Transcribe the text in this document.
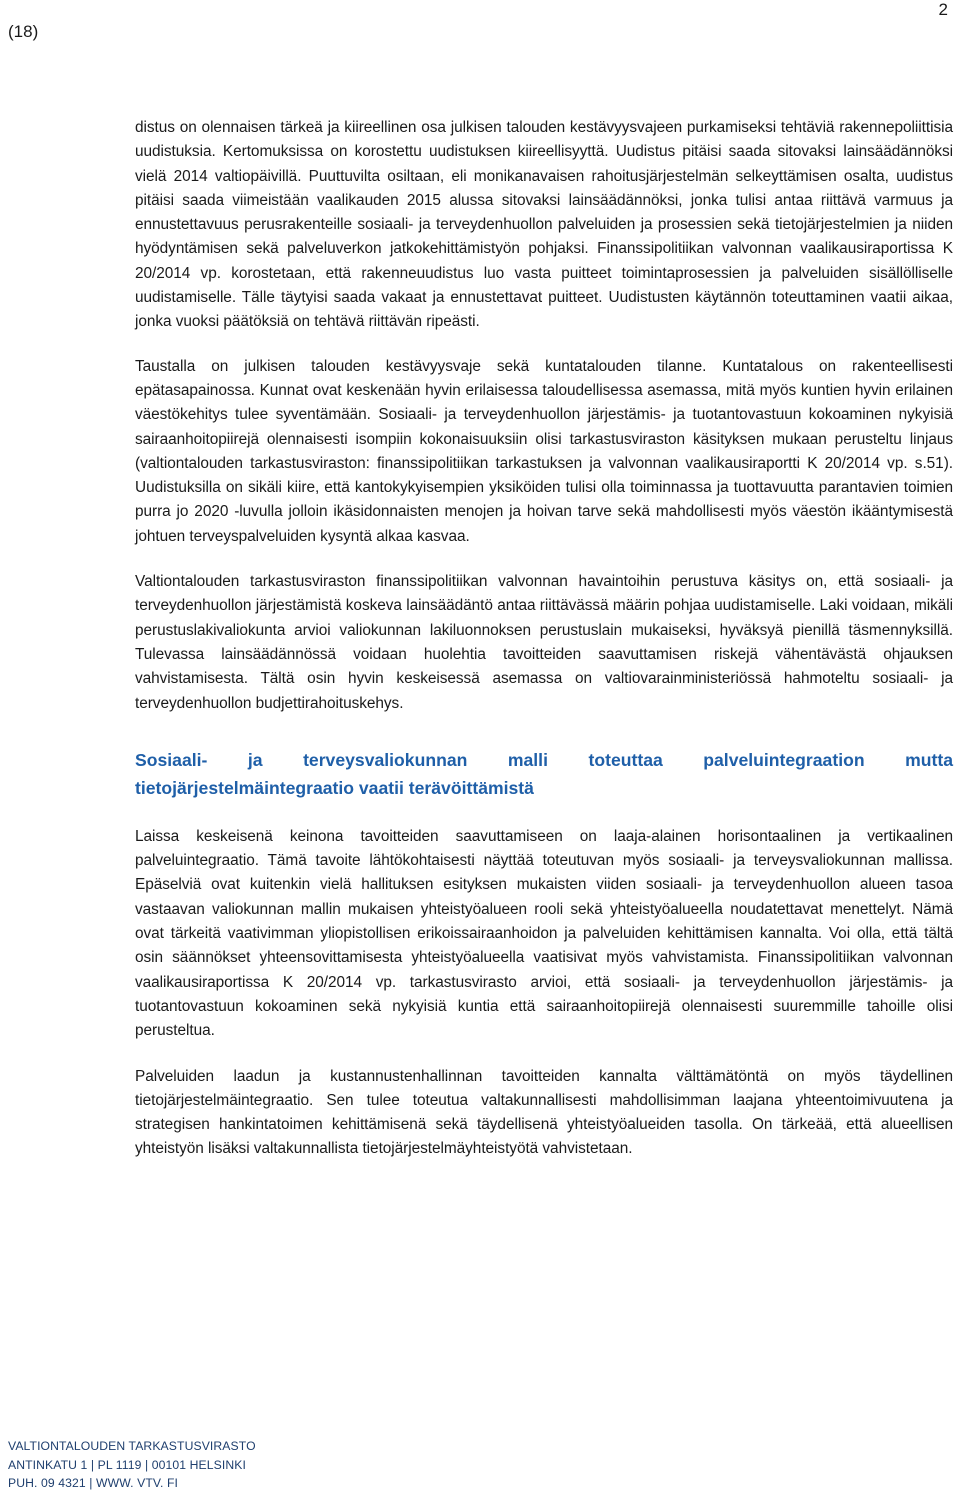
(18)
2

distus on olennaisen tärkeä ja kiireellinen osa julkisen talouden kestävyysvajeen purkamiseksi tehtäviä rakennepoliittisia uudistuksia. Kertomuksissa on korostettu uudistuksen kiireellisyyttä. Uudistus pitäisi saada sitovaksi lainsäädännöksi vielä 2014 valtiopäivillä. Puuttuvilta osiltaan, eli monikanavaisen rahoitusjärjestelmän selkeyttämisen osalta, uudistus pitäisi saada viimeistään vaalikauden 2015 alussa sitovaksi lainsäädännöksi, jonka tulisi antaa riittävä varmuus ja ennustettavuus perusrakenteille sosiaali- ja terveydenhuollon palveluiden ja prosessien sekä tietojärjestelmien ja niiden hyödyntämisen sekä palveluverkon jatkokehittämistyön pohjaksi. Finanssipolitiikan valvonnan vaalikausiraportissa K 20/2014 vp. korostetaan, että rakenneuudistus luo vasta puitteet toimintaprosessien ja palveluiden sisällölliselle uudistamiselle. Tälle täytyisi saada vakaat ja ennustettavat puitteet. Uudistusten käytännön toteuttaminen vaatii aikaa, jonka vuoksi päätöksiä on tehtävä riittävän ripeästi.

Taustalla on julkisen talouden kestävyysvaje sekä kuntatalouden tilanne. Kuntatalous on rakenteellisesti epätasapainossa. Kunnat ovat keskenään hyvin erilaisessa taloudellisessa asemassa, mitä myös kuntien hyvin erilainen väestökehitys tulee syventämään. Sosiaali- ja terveydenhuollon järjestämis- ja tuotantovastuun kokoaminen nykyisiä sairaanhoitopiirejä olennaisesti isompiin kokonaisuuksiin olisi tarkastusviraston käsityksen mukaan perusteltu linjaus (valtiontalouden tarkastusviraston: finanssipolitiikan tarkastuksen ja valvonnan vaalikausiraportti K 20/2014 vp. s.51). Uudistuksilla on sikäli kiire, että kantokykyisempien yksiköiden tulisi olla toiminnassa ja tuottavuutta parantavien toimien purra jo 2020 -luvulla jolloin ikäsidonnaisten menojen ja hoivan tarve sekä mahdollisesti myös väestön ikääntymisestä johtuen terveyspalveluiden kysyntä alkaa kasvaa.

Valtiontalouden tarkastusviraston finanssipolitiikan valvonnan havaintoihin perustuva käsitys on, että sosiaali- ja terveydenhuollon järjestämistä koskeva lainsäädäntö antaa riittävässä määrin pohjaa uudistamiselle. Laki voidaan, mikäli perustuslakivaliokunta arvioi valiokunnan lakiluonnoksen perustuslain mukaiseksi, hyväksyä pienillä täsmennyksillä. Tulevassa lainsäädännössä voidaan huolehtia tavoitteiden saavuttamisen riskejä vähentävästä ohjauksen vahvistamisesta. Tältä osin hyvin keskeisessä asemassa on valtiovarainministeriössä hahmoteltu sosiaali- ja terveydenhuollon budjettirahoituskehys.

Sosiaali- ja terveysvaliokunnan malli toteuttaa palveluintegraation mutta tietojärjestelmäintegraatio vaatii terävöittämistä

Laissa keskeisenä keinona tavoitteiden saavuttamiseen on laaja-alainen horisontaalinen ja vertikaalinen palveluintegraatio. Tämä tavoite lähtökohtaisesti näyttää toteutuvan myös sosiaali- ja terveysvaliokunnan mallissa. Epäselviä ovat kuitenkin vielä hallituksen esityksen mukaisten viiden sosiaali- ja terveydenhuollon alueen tasoa vastaavan valiokunnan mallin mukaisen yhteistyöalueen rooli sekä yhteistyöalueella noudatettavat menettelyt. Nämä ovat tärkeitä vaativimman yliopistollisen erikoissairaanhoidon ja palveluiden kehittämisen kannalta. Voi olla, että tältä osin säännökset yhteensovittamisesta yhteistyöalueella vaatisivat myös vahvistamista. Finanssipolitiikan valvonnan vaalikausiraportissa K 20/2014 vp. tarkastusvirasto arvioi, että sosiaali- ja terveydenhuollon järjestämis- ja tuotantovastuun kokoaminen sekä nykyisiä kuntia että sairaanhoitopiirejä olennaisesti suuremmille tahoille olisi perusteltua.

Palveluiden laadun ja kustannustenhallinnan tavoitteiden kannalta välttämätöntä on myös täydellinen tietojärjestelmäintegraatio. Sen tulee toteutua valtakunnallisesti mahdollisimman laajana yhteentoimivuutena ja strategisen hankintatoimen kehittämisenä sekä täydellisenä yhteistyöalueiden tasolla. On tärkeää, että alueellisen yhteistyön lisäksi valtakunnallista tietojärjestelmäyhteistyötä vahvistetaan.

VALTIONTALOUDEN TARKASTUSVIRASTO
ANTINKATU 1 | PL 1119 | 00101 HELSINKI
PUH. 09 4321 | WWW. VTV. FI
